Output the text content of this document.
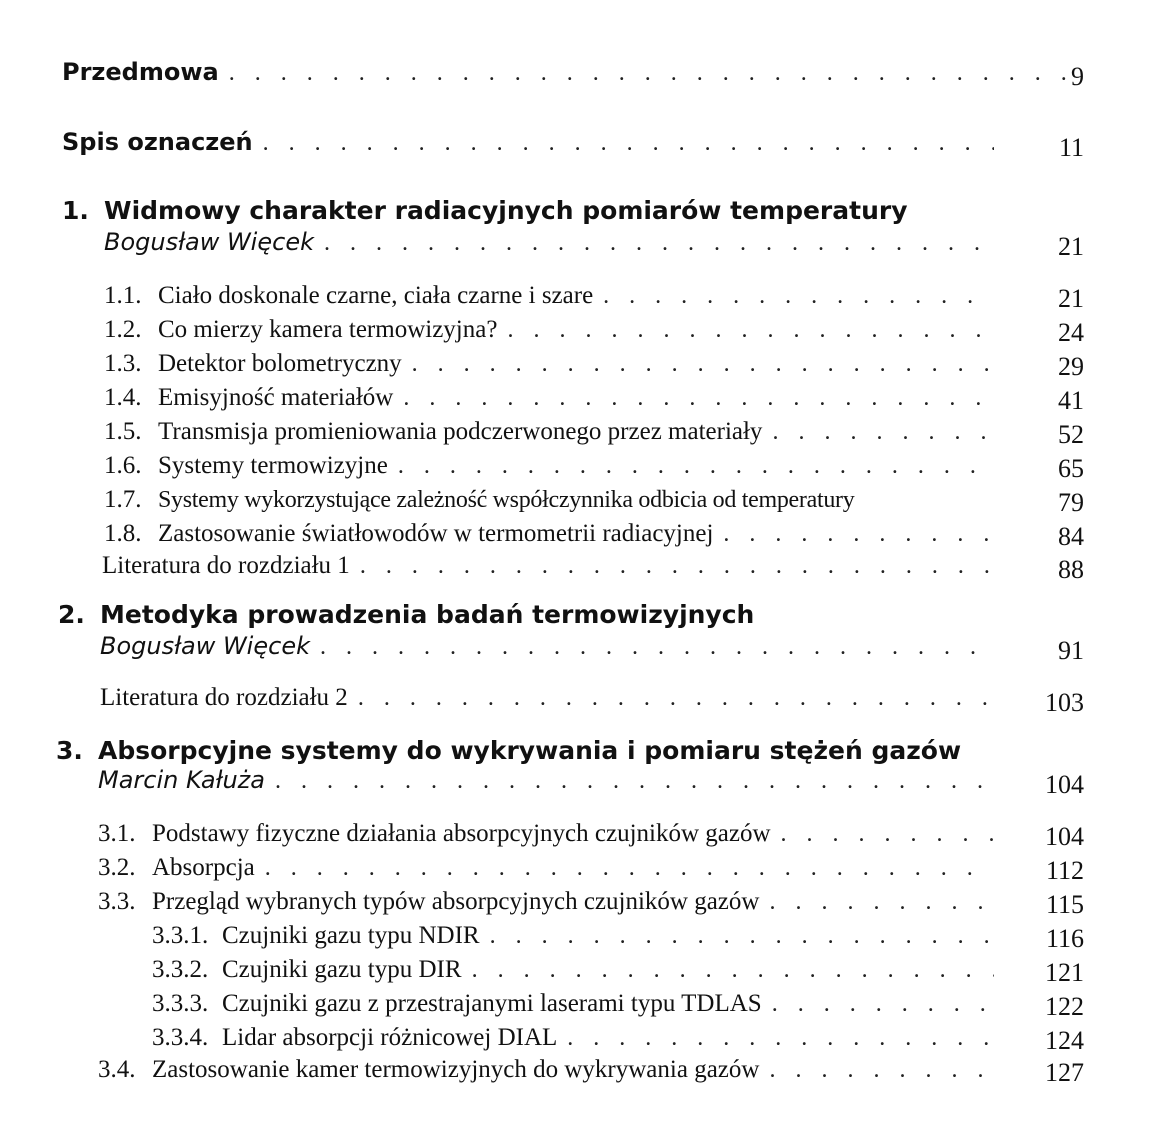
Przedmowa . . .	9
Spis oznaczeń . . .	11
1. Widmowy charakter radiacyjnych pomiarów temperatury
Bogusław Więcek . . .	21
1.1. Ciało doskonale czarne, ciała czarne i szare . . .	21
1.2. Co mierzy kamera termowizyjna? . . .	24
1.3. Detektor bolometryczny . . .	29
1.4. Emisyjność materiałów . . .	41
1.5. Transmisja promieniowania podczerwonego przez materiały . . .	52
1.6. Systemy termowizyjne . . .	65
1.7. Systemy wykorzystujące zależność współczynnika odbicia od temperatury	79
1.8. Zastosowanie światłowodów w termometrii radiacyjnej . . .	84
Literatura do rozdziału 1 . . .	88
2. Metodyka prowadzenia badań termowizyjnych
Bogusław Więcek . . .	91
Literatura do rozdziału 2 . . .	103
3. Absorpcyjne systemy do wykrywania i pomiaru stężeń gazów
Marcin Kałuża . . .	104
3.1. Podstawy fizyczne działania absorpcyjnych czujników gazów . . .	104
3.2. Absorpcja . . .	112
3.3. Przegląd wybranych typów absorpcyjnych czujników gazów . . .	115
3.3.1. Czujniki gazu typu NDIR . . .	116
3.3.2. Czujniki gazu typu DIR . . .	121
3.3.3. Czujniki gazu z przestrajanymi laserami typu TDLAS . . .	122
3.3.4. Lidar absorpcji różnicowej DIAL . . .	124
3.4. Zastosowanie kamer termowizyjnych do wykrywania gazów . . .	127
